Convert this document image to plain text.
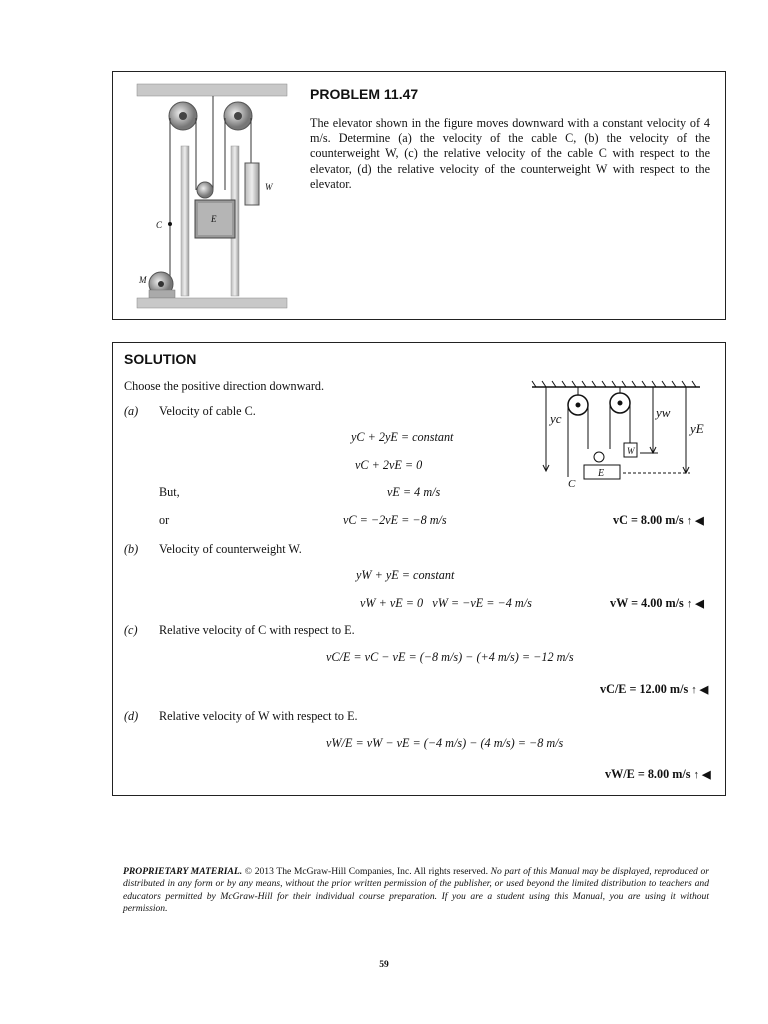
E
W
C
M
PROBLEM 11.47
The elevator shown in the figure moves downward with a constant velocity of 4 m/s. Determine (a) the velocity of the cable C, (b) the velocity of the counterweight W, (c) the relative velocity of the cable C with respect to the elevator, (d) the relative velocity of the counterweight W with respect to the elevator.
SOLUTION
Choose the positive direction downward.
yc	yw
yE
C
W
E
(a) Velocity of cable C.
yC + 2yE = constant
vC + 2vE = 0
But,	vE = 4 m/s
or	vC = −2vE = −8 m/s	vC = 8.00 m/s ↑ ◀
(b) Velocity of counterweight W.
yW + yE = constant
vW + vE = 0   vW = −vE = −4 m/s	vW = 4.00 m/s ↑ ◀
(c) Relative velocity of C with respect to E.
vC/E = vC − vE = (−8 m/s) − (+4 m/s) = −12 m/s
vC/E = 12.00 m/s ↑ ◀
(d) Relative velocity of W with respect to E.
vW/E = vW − vE = (−4 m/s) − (4 m/s) = −8 m/s
vW/E = 8.00 m/s ↑ ◀
PROPRIETARY MATERIAL. © 2013 The McGraw-Hill Companies, Inc. All rights reserved. No part of this Manual may be displayed, reproduced or distributed in any form or by any means, without the prior written permission of the publisher, or used beyond the limited distribution to teachers and educators permitted by McGraw-Hill for their individual course preparation. If you are a student using this Manual, you are using it without permission.
59
